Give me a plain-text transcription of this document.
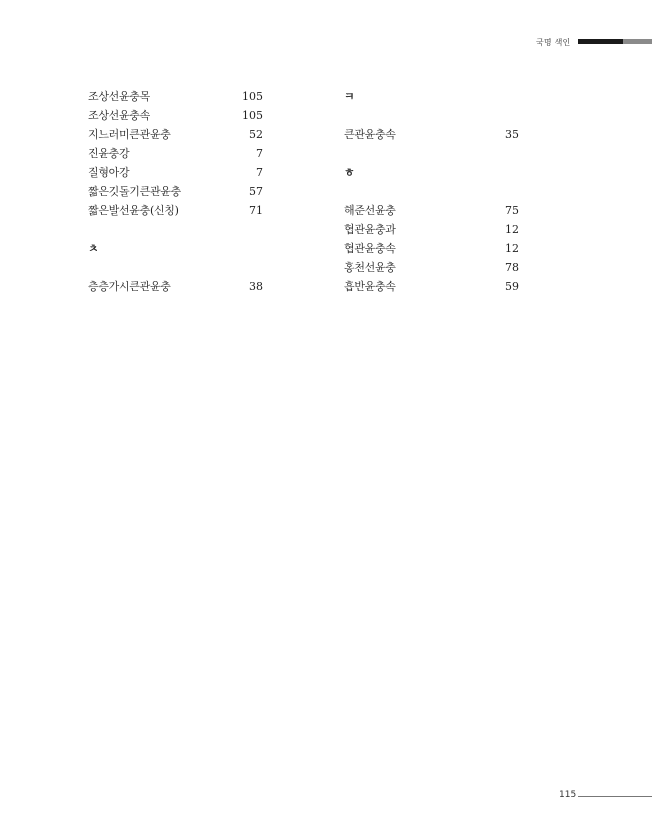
국명 색인
조상선윤충목	105
조상선윤충속	105
지느러미큰관윤충	52
진윤충강	7
질형아강	7
짧은깃돌기큰관윤충	57
짧은발선윤충(신칭)	71
ㅊ
층층가시큰관윤충	38
ㅋ
큰관윤충속	35
ㅎ
해준선윤충	75
협관윤충과	12
협관윤충속	12
홍천선윤충	78
흡반윤충속	59
115
